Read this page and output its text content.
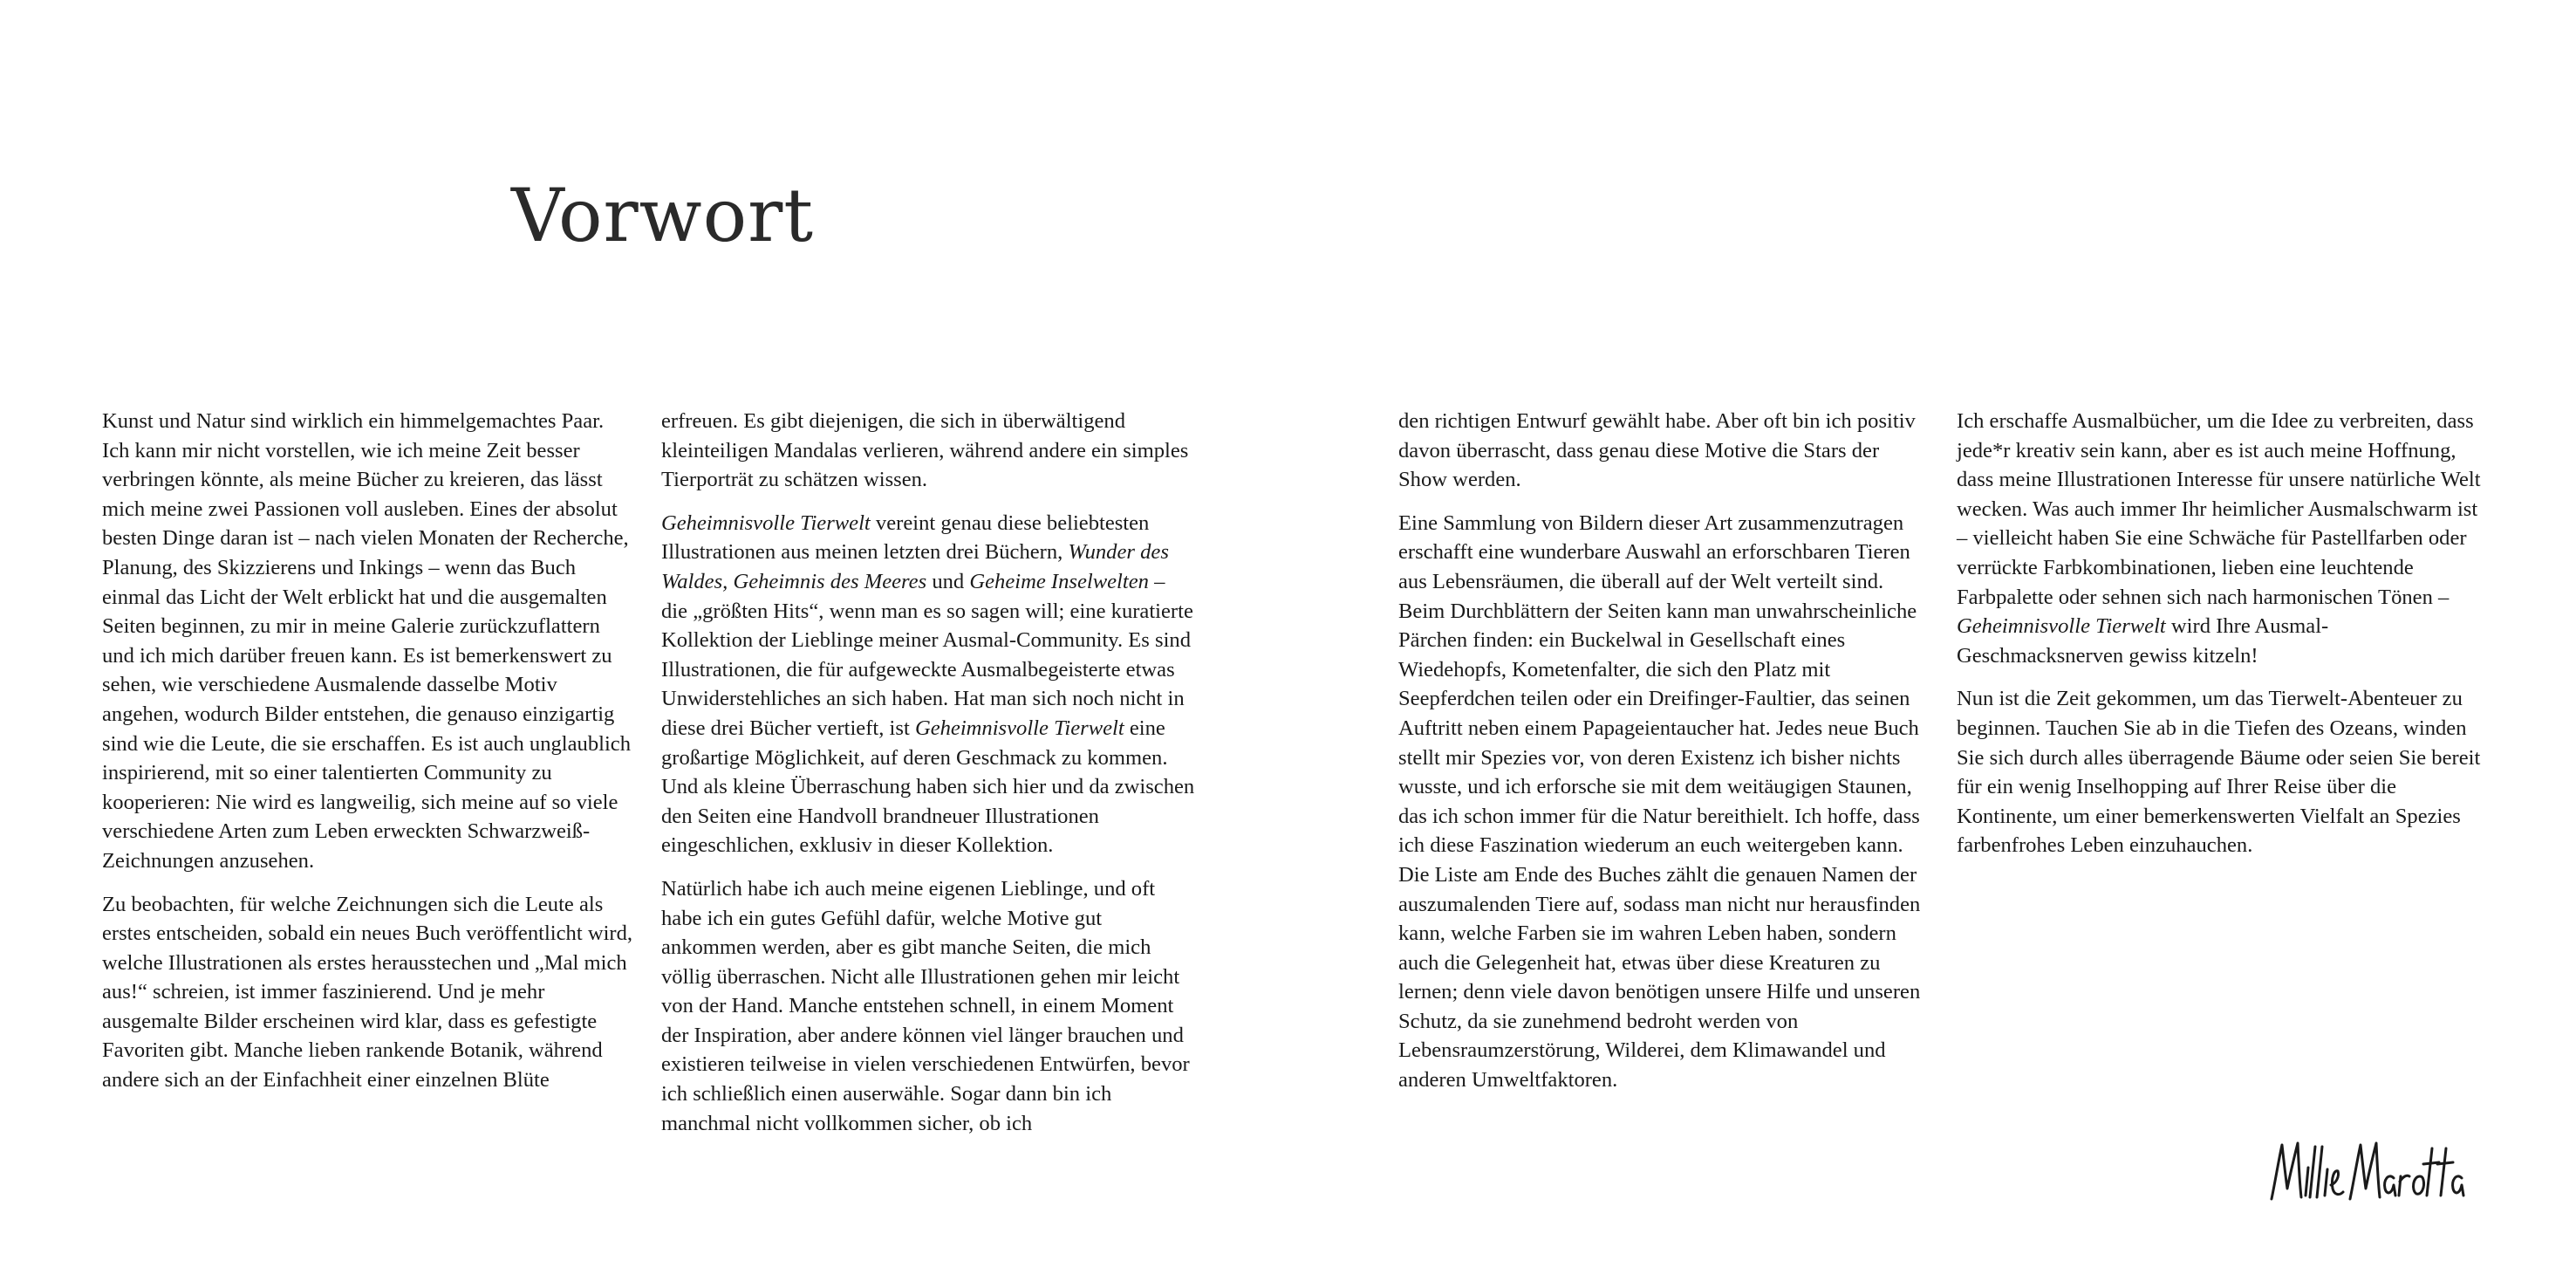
Vorwort

Kunst und Natur sind wirklich ein himmelgemachtes Paar. Ich kann mir nicht vorstellen, wie ich meine Zeit besser verbringen könnte, als meine Bücher zu kreieren, das lässt mich meine zwei Passionen voll ausleben. Eines der absolut besten Dinge daran ist – nach vielen Monaten der Recherche, Planung, des Skizzierens und Inkings – wenn das Buch einmal das Licht der Welt erblickt hat und die ausgemalten Seiten beginnen, zu mir in meine Galerie zurückzuflattern und ich mich darüber freuen kann. Es ist bemerkenswert zu sehen, wie verschiedene Ausmalende dasselbe Motiv angehen, wodurch Bilder entstehen, die genauso einzigartig sind wie die Leute, die sie erschaffen. Es ist auch unglaublich inspirierend, mit so einer talentierten Community zu kooperieren: Nie wird es langweilig, sich meine auf so viele verschiedene Arten zum Leben erweckten Schwarzweiß-Zeichnungen anzusehen.

Zu beobachten, für welche Zeichnungen sich die Leute als erstes entscheiden, sobald ein neues Buch veröffentlicht wird, welche Illustrationen als erstes herausstechen und „Mal mich aus!“ schreien, ist immer faszinierend. Und je mehr ausgemalte Bilder erscheinen wird klar, dass es gefestigte Favoriten gibt. Manche lieben rankende Botanik, während andere sich an der Einfachheit einer einzelnen Blüte

erfreuen. Es gibt diejenigen, die sich in überwältigend kleinteiligen Mandalas verlieren, während andere ein simples Tierporträt zu schätzen wissen.

Geheimnisvolle Tierwelt vereint genau diese beliebtesten Illustrationen aus meinen letzten drei Büchern, Wunder des Waldes, Geheimnis des Meeres und Geheime Inselwelten – die „größten Hits“, wenn man es so sagen will; eine kuratierte Kollektion der Lieblinge meiner Ausmal-Community. Es sind Illustrationen, die für aufgeweckte Ausmalbegeisterte etwas Unwiderstehliches an sich haben. Hat man sich noch nicht in diese drei Bücher vertieft, ist Geheimnisvolle Tierwelt eine großartige Möglichkeit, auf deren Geschmack zu kommen. Und als kleine Überraschung haben sich hier und da zwischen den Seiten eine Handvoll brandneuer Illustrationen eingeschlichen, exklusiv in dieser Kollektion.

Natürlich habe ich auch meine eigenen Lieblinge, und oft habe ich ein gutes Gefühl dafür, welche Motive gut ankommen werden, aber es gibt manche Seiten, die mich völlig überraschen. Nicht alle Illustrationen gehen mir leicht von der Hand. Manche entstehen schnell, in einem Moment der Inspiration, aber andere können viel länger brauchen und existieren teilweise in vielen verschiedenen Entwürfen, bevor ich schließlich einen auserwähle. Sogar dann bin ich manchmal nicht vollkommen sicher, ob ich

den richtigen Entwurf gewählt habe. Aber oft bin ich positiv davon überrascht, dass genau diese Motive die Stars der Show werden.

Eine Sammlung von Bildern dieser Art zusammenzutragen erschafft eine wunderbare Auswahl an erforschbaren Tieren aus Lebensräumen, die überall auf der Welt verteilt sind. Beim Durchblättern der Seiten kann man unwahrscheinliche Pärchen finden: ein Buckelwal in Gesellschaft eines Wiedehopfs, Kometenfalter, die sich den Platz mit Seepferdchen teilen oder ein Dreifinger-Faultier, das seinen Auftritt neben einem Papageientaucher hat. Jedes neue Buch stellt mir Spezies vor, von deren Existenz ich bisher nichts wusste, und ich erforsche sie mit dem weitäugigen Staunen, das ich schon immer für die Natur bereithielt. Ich hoffe, dass ich diese Faszination wiederum an euch weitergeben kann. Die Liste am Ende des Buches zählt die genauen Namen der auszumalenden Tiere auf, sodass man nicht nur herausfinden kann, welche Farben sie im wahren Leben haben, sondern auch die Gelegenheit hat, etwas über diese Kreaturen zu lernen; denn viele davon benötigen unsere Hilfe und unseren Schutz, da sie zunehmend bedroht werden von Lebensraumzerstörung, Wilderei, dem Klimawandel und anderen Umweltfaktoren.

Ich erschaffe Ausmalbücher, um die Idee zu verbreiten, dass jede*r kreativ sein kann, aber es ist auch meine Hoffnung, dass meine Illustrationen Interesse für unsere natürliche Welt wecken. Was auch immer Ihr heimlicher Ausmalschwarm ist – vielleicht haben Sie eine Schwäche für Pastellfarben oder verrückte Farbkombinationen, lieben eine leuchtende Farbpalette oder sehnen sich nach harmonischen Tönen – Geheimnisvolle Tierwelt wird Ihre Ausmal-Geschmacksnerven gewiss kitzeln!

Nun ist die Zeit gekommen, um das Tierwelt-Abenteuer zu beginnen. Tauchen Sie ab in die Tiefen des Ozeans, winden Sie sich durch alles überragende Bäume oder seien Sie bereit für ein wenig Inselhopping auf Ihrer Reise über die Kontinente, um einer bemerkenswerten Vielfalt an Spezies farbenfrohes Leben einzuhauchen.
